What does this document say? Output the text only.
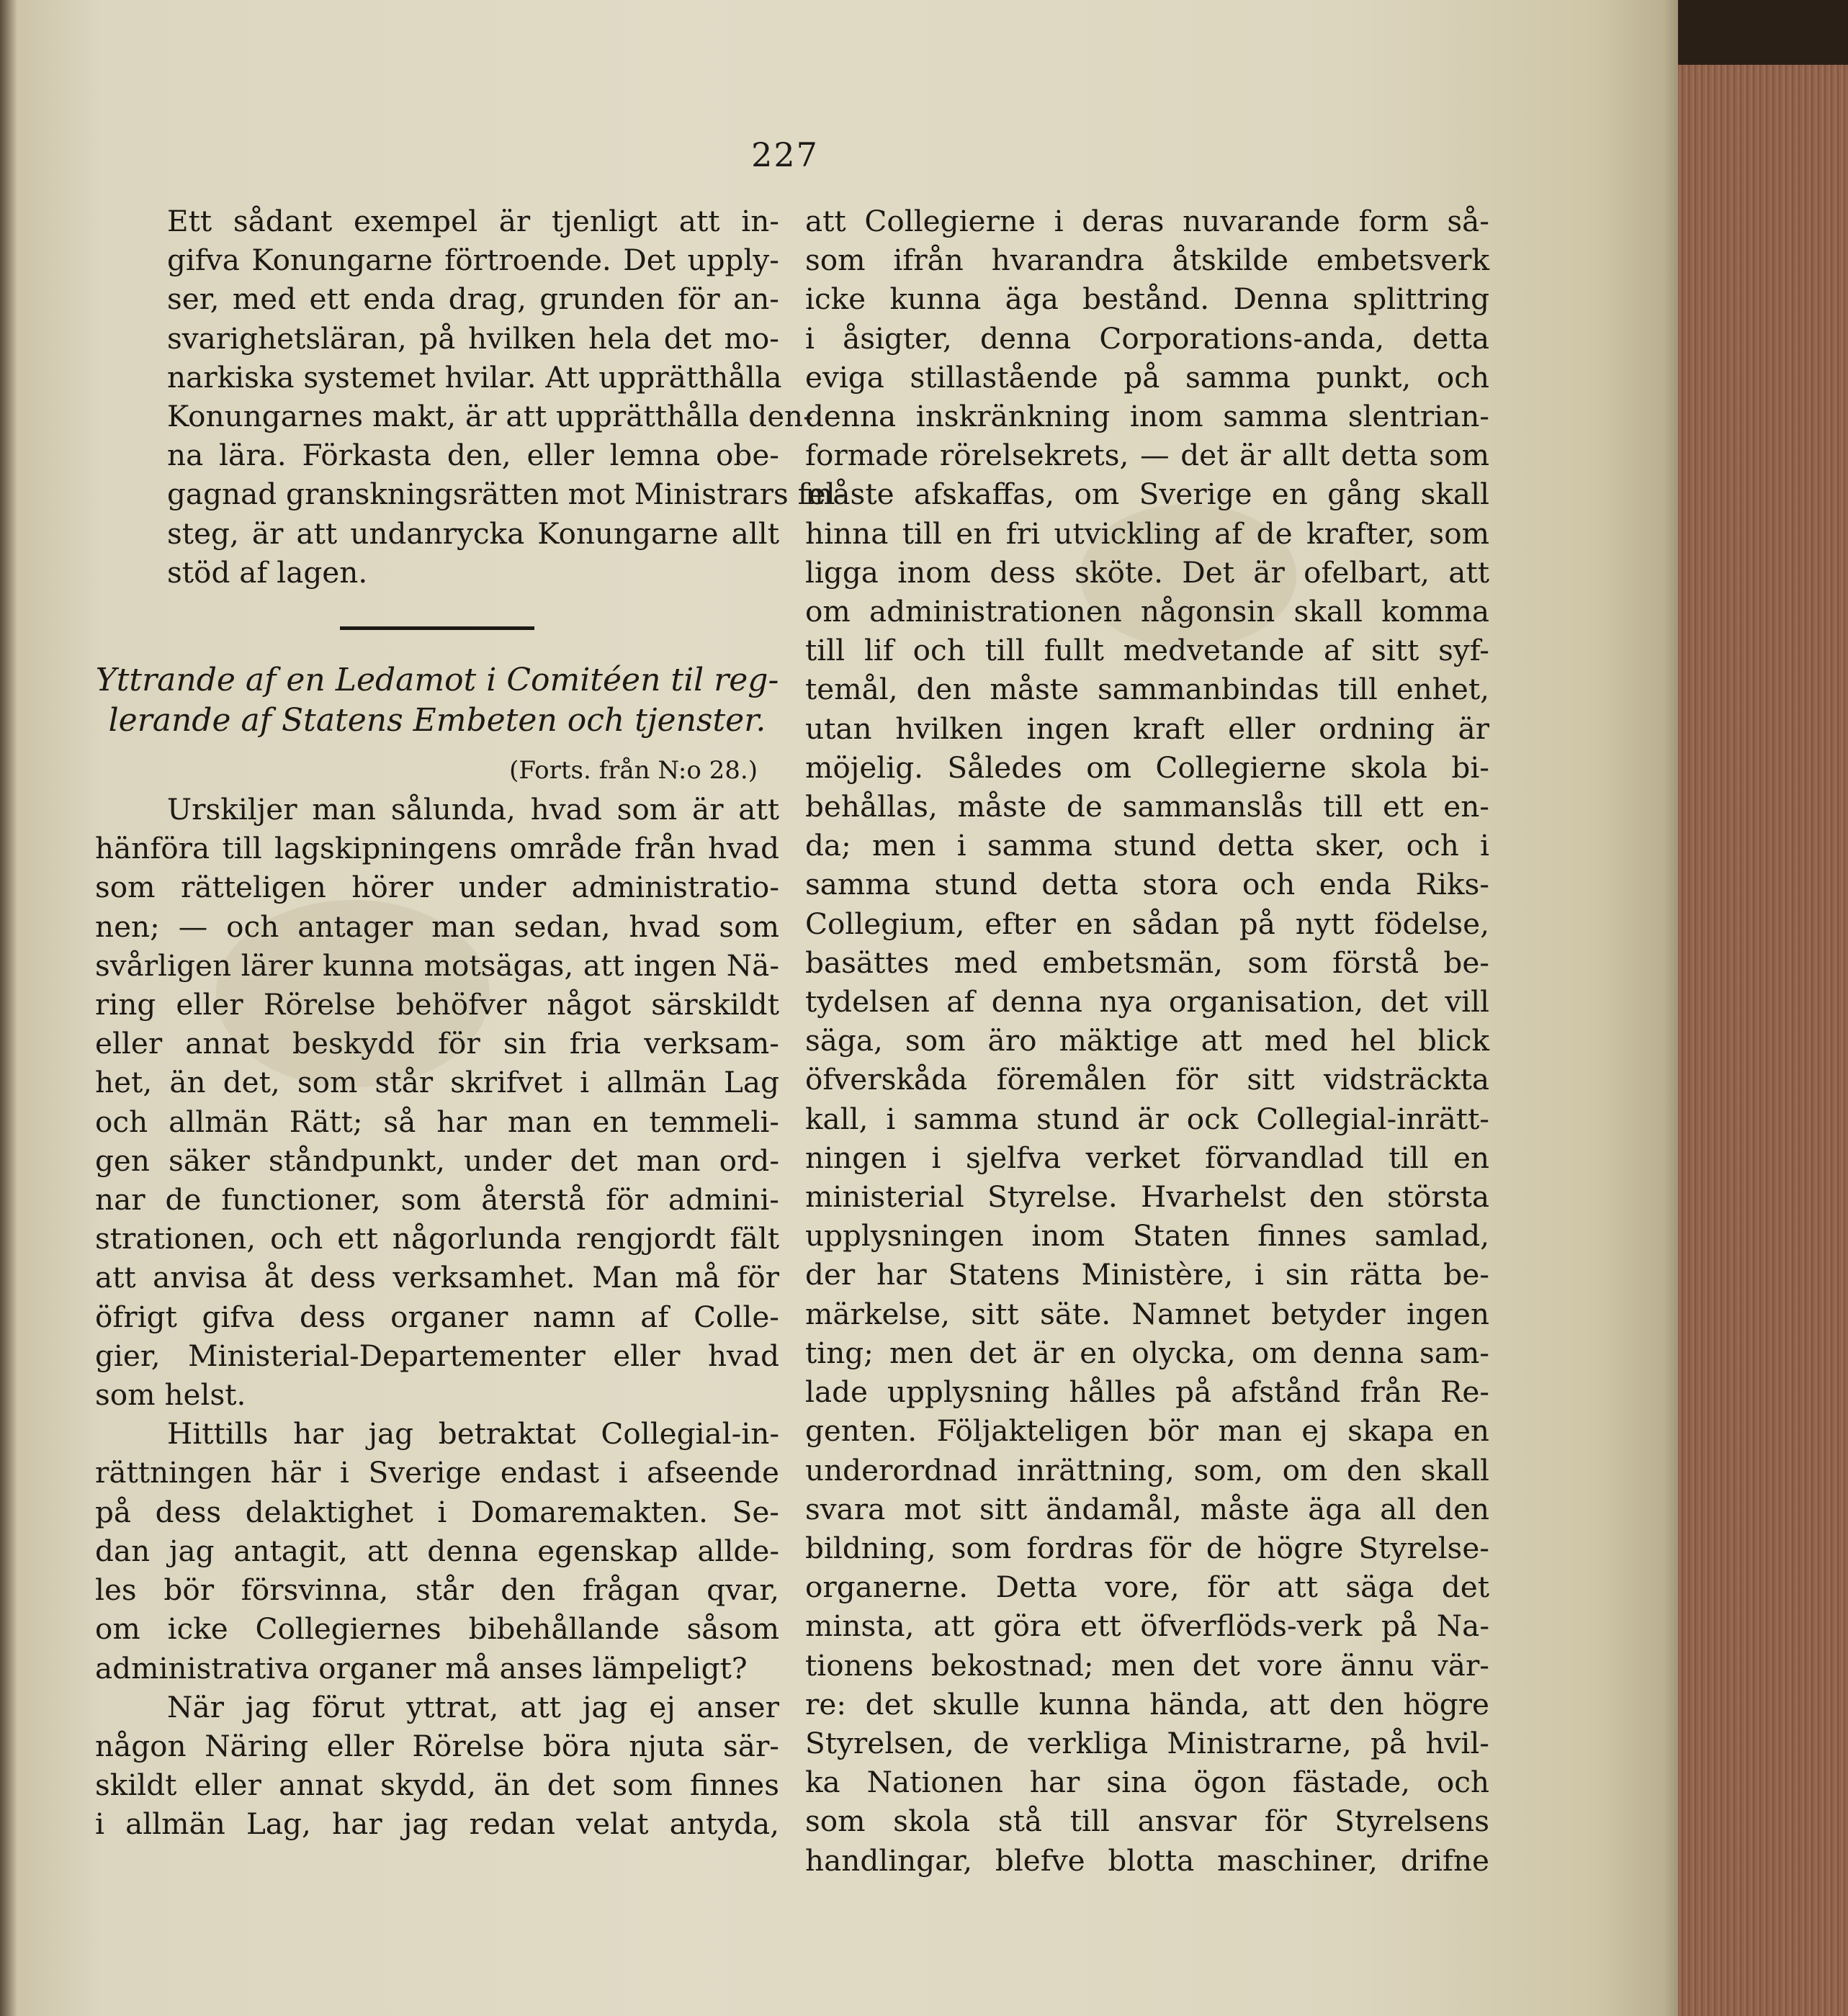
227

Ett sådant exempel är tjenligt att in-
gifva Konungarne förtroende. Det upply-
ser, med ett enda drag, grunden för an-
svarighetsläran, på hvilken hela det mo-
narkiska systemet hvilar. Att upprätthålla
Konungarnes makt, är att upprätthålla den-
na lära. Förkasta den, eller lemna obe-
gagnad granskningsrätten mot Ministrars fel-
steg, är att undanrycka Konungarne allt
stöd af lagen.

Yttrande af en Ledamot i Comitéen til reg-
lerande af Statens Embeten och tjenster.
(Forts. från N:o 28.)

Urskiljer man sålunda, hvad som är att
hänföra till lagskipningens område från hvad
som rätteligen hörer under administratio-
nen; — och antager man sedan, hvad som
svårligen lärer kunna motsägas, att ingen Nä-
ring eller Rörelse behöfver något särskildt
eller annat beskydd för sin fria verksam-
het, än det, som står skrifvet i allmän Lag
och allmän Rätt; så har man en temmeli-
gen säker ståndpunkt, under det man ord-
nar de functioner, som återstå för admini-
strationen, och ett någorlunda rengjordt fält
att anvisa åt dess verksamhet. Man må för
öfrigt gifva dess organer namn af Colle-
gier, Ministerial-Departementer eller hvad
som helst.

Hittills har jag betraktat Collegial-in-
rättningen här i Sverige endast i afseende
på dess delaktighet i Domaremakten. Se-
dan jag antagit, att denna egenskap allde-
les bör försvinna, står den frågan qvar,
om icke Collegiernes bibehållande såsom
administrativa organer må anses lämpeligt?

När jag förut yttrat, att jag ej anser
någon Näring eller Rörelse böra njuta sär-
skildt eller annat skydd, än det som finnes
i allmän Lag, har jag redan velat antyda,

att Collegierne i deras nuvarande form så-
som ifrån hvarandra åtskilde embetsverk
icke kunna äga bestånd. Denna splittring
i åsigter, denna Corporations-anda, detta
eviga stillastående på samma punkt, och
denna inskränkning inom samma slentrian-
formade rörelsekrets, — det är allt detta som
måste afskaffas, om Sverige en gång skall
hinna till en fri utvickling af de krafter, som
ligga inom dess sköte. Det är ofelbart, att
om administrationen någonsin skall komma
till lif och till fullt medvetande af sitt syf-
temål, den måste sammanbindas till enhet,
utan hvilken ingen kraft eller ordning är
möjelig. Således om Collegierne skola bi-
behållas, måste de sammanslås till ett en-
da; men i samma stund detta sker, och i
samma stund detta stora och enda Riks-
Collegium, efter en sådan på nytt födelse,
basättes med embetsmän, som förstå be-
tydelsen af denna nya organisation, det vill
säga, som äro mäktige att med hel blick
öfverskåda föremålen för sitt vidsträckta
kall, i samma stund är ock Collegial-inrätt-
ningen i sjelfva verket förvandlad till en
ministerial Styrelse. Hvarhelst den största
upplysningen inom Staten finnes samlad,
der har Statens Ministère, i sin rätta be-
märkelse, sitt säte. Namnet betyder ingen
ting; men det är en olycka, om denna sam-
lade upplysning hålles på afstånd från Re-
genten. Följakteligen bör man ej skapa en
underordnad inrättning, som, om den skall
svara mot sitt ändamål, måste äga all den
bildning, som fordras för de högre Styrelse-
organerne. Detta vore, för att säga det
minsta, att göra ett öfverflöds-verk på Na-
tionens bekostnad; men det vore ännu vär-
re: det skulle kunna hända, att den högre
Styrelsen, de verkliga Ministrarne, på hvil-
ka Nationen har sina ögon fästade, och
som skola stå till ansvar för Styrelsens
handlingar, blefve blotta maschiner, drifne
